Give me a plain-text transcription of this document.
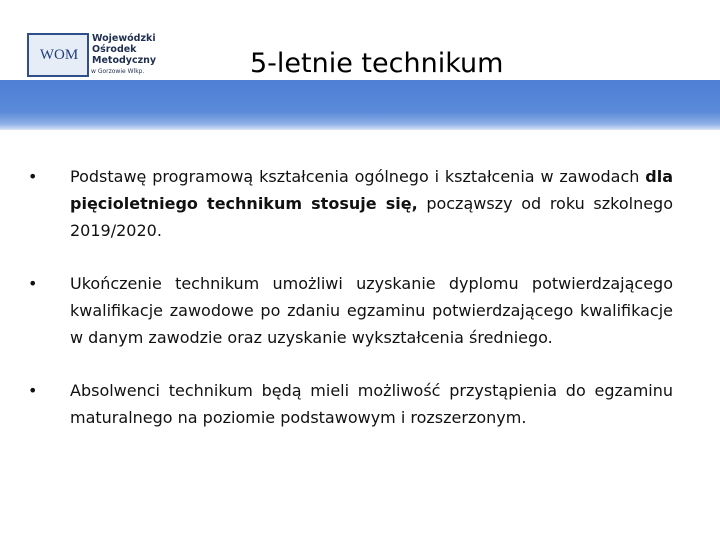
WOM
Wojewódzki
Ośrodek
Metodyczny
w Gorzowie Wlkp.	5-letnie technikum
• Podstawę programową kształcenia ogólnego i kształcenia w zawodach dla pięcioletniego technikum stosuje się, począwszy od roku szkolnego 2019/2020.
• Ukończenie technikum umożliwi uzyskanie dyplomu potwierdzającego kwalifikacje zawodowe po zdaniu egzaminu potwierdzającego kwalifikacje w danym zawodzie oraz uzyskanie wykształcenia średniego.
• Absolwenci technikum będą mieli możliwość przystąpienia do egzaminu maturalnego na poziomie podstawowym i rozszerzonym.
